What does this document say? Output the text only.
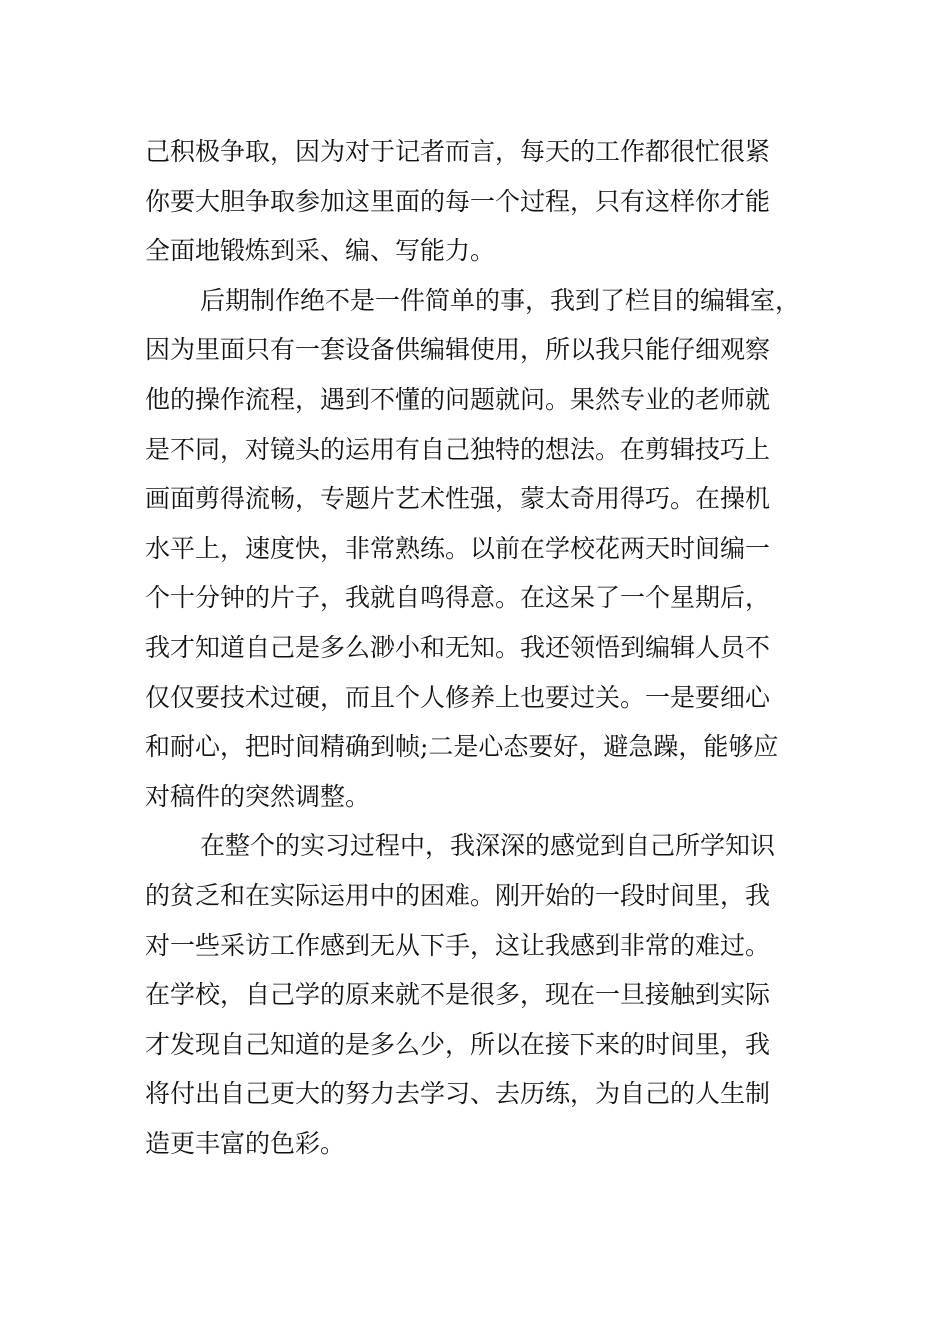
己积极争取，因为对于记者而言，每天的工作都很忙很紧
你要大胆争取参加这里面的每一个过程，只有这样你才能
全面地锻炼到采、编、写能力。
后期制作绝不是一件简单的事，我到了栏目的编辑室，
因为里面只有一套设备供编辑使用，所以我只能仔细观察
他的操作流程，遇到不懂的问题就问。果然专业的老师就
是不同，对镜头的运用有自己独特的想法。在剪辑技巧上
画面剪得流畅，专题片艺术性强，蒙太奇用得巧。在操机
水平上，速度快，非常熟练。以前在学校花两天时间编一
个十分钟的片子，我就自鸣得意。在这呆了一个星期后，
我才知道自己是多么渺小和无知。我还领悟到编辑人员不
仅仅要技术过硬，而且个人修养上也要过关。一是要细心
和耐心，把时间精确到帧;二是心态要好，避急躁，能够应
对稿件的突然调整。
在整个的实习过程中，我深深的感觉到自己所学知识
的贫乏和在实际运用中的困难。刚开始的一段时间里，我
对一些采访工作感到无从下手，这让我感到非常的难过。
在学校，自己学的原来就不是很多，现在一旦接触到实际
才发现自己知道的是多么少，所以在接下来的时间里，我
将付出自己更大的努力去学习、去历练，为自己的人生制
造更丰富的色彩。
